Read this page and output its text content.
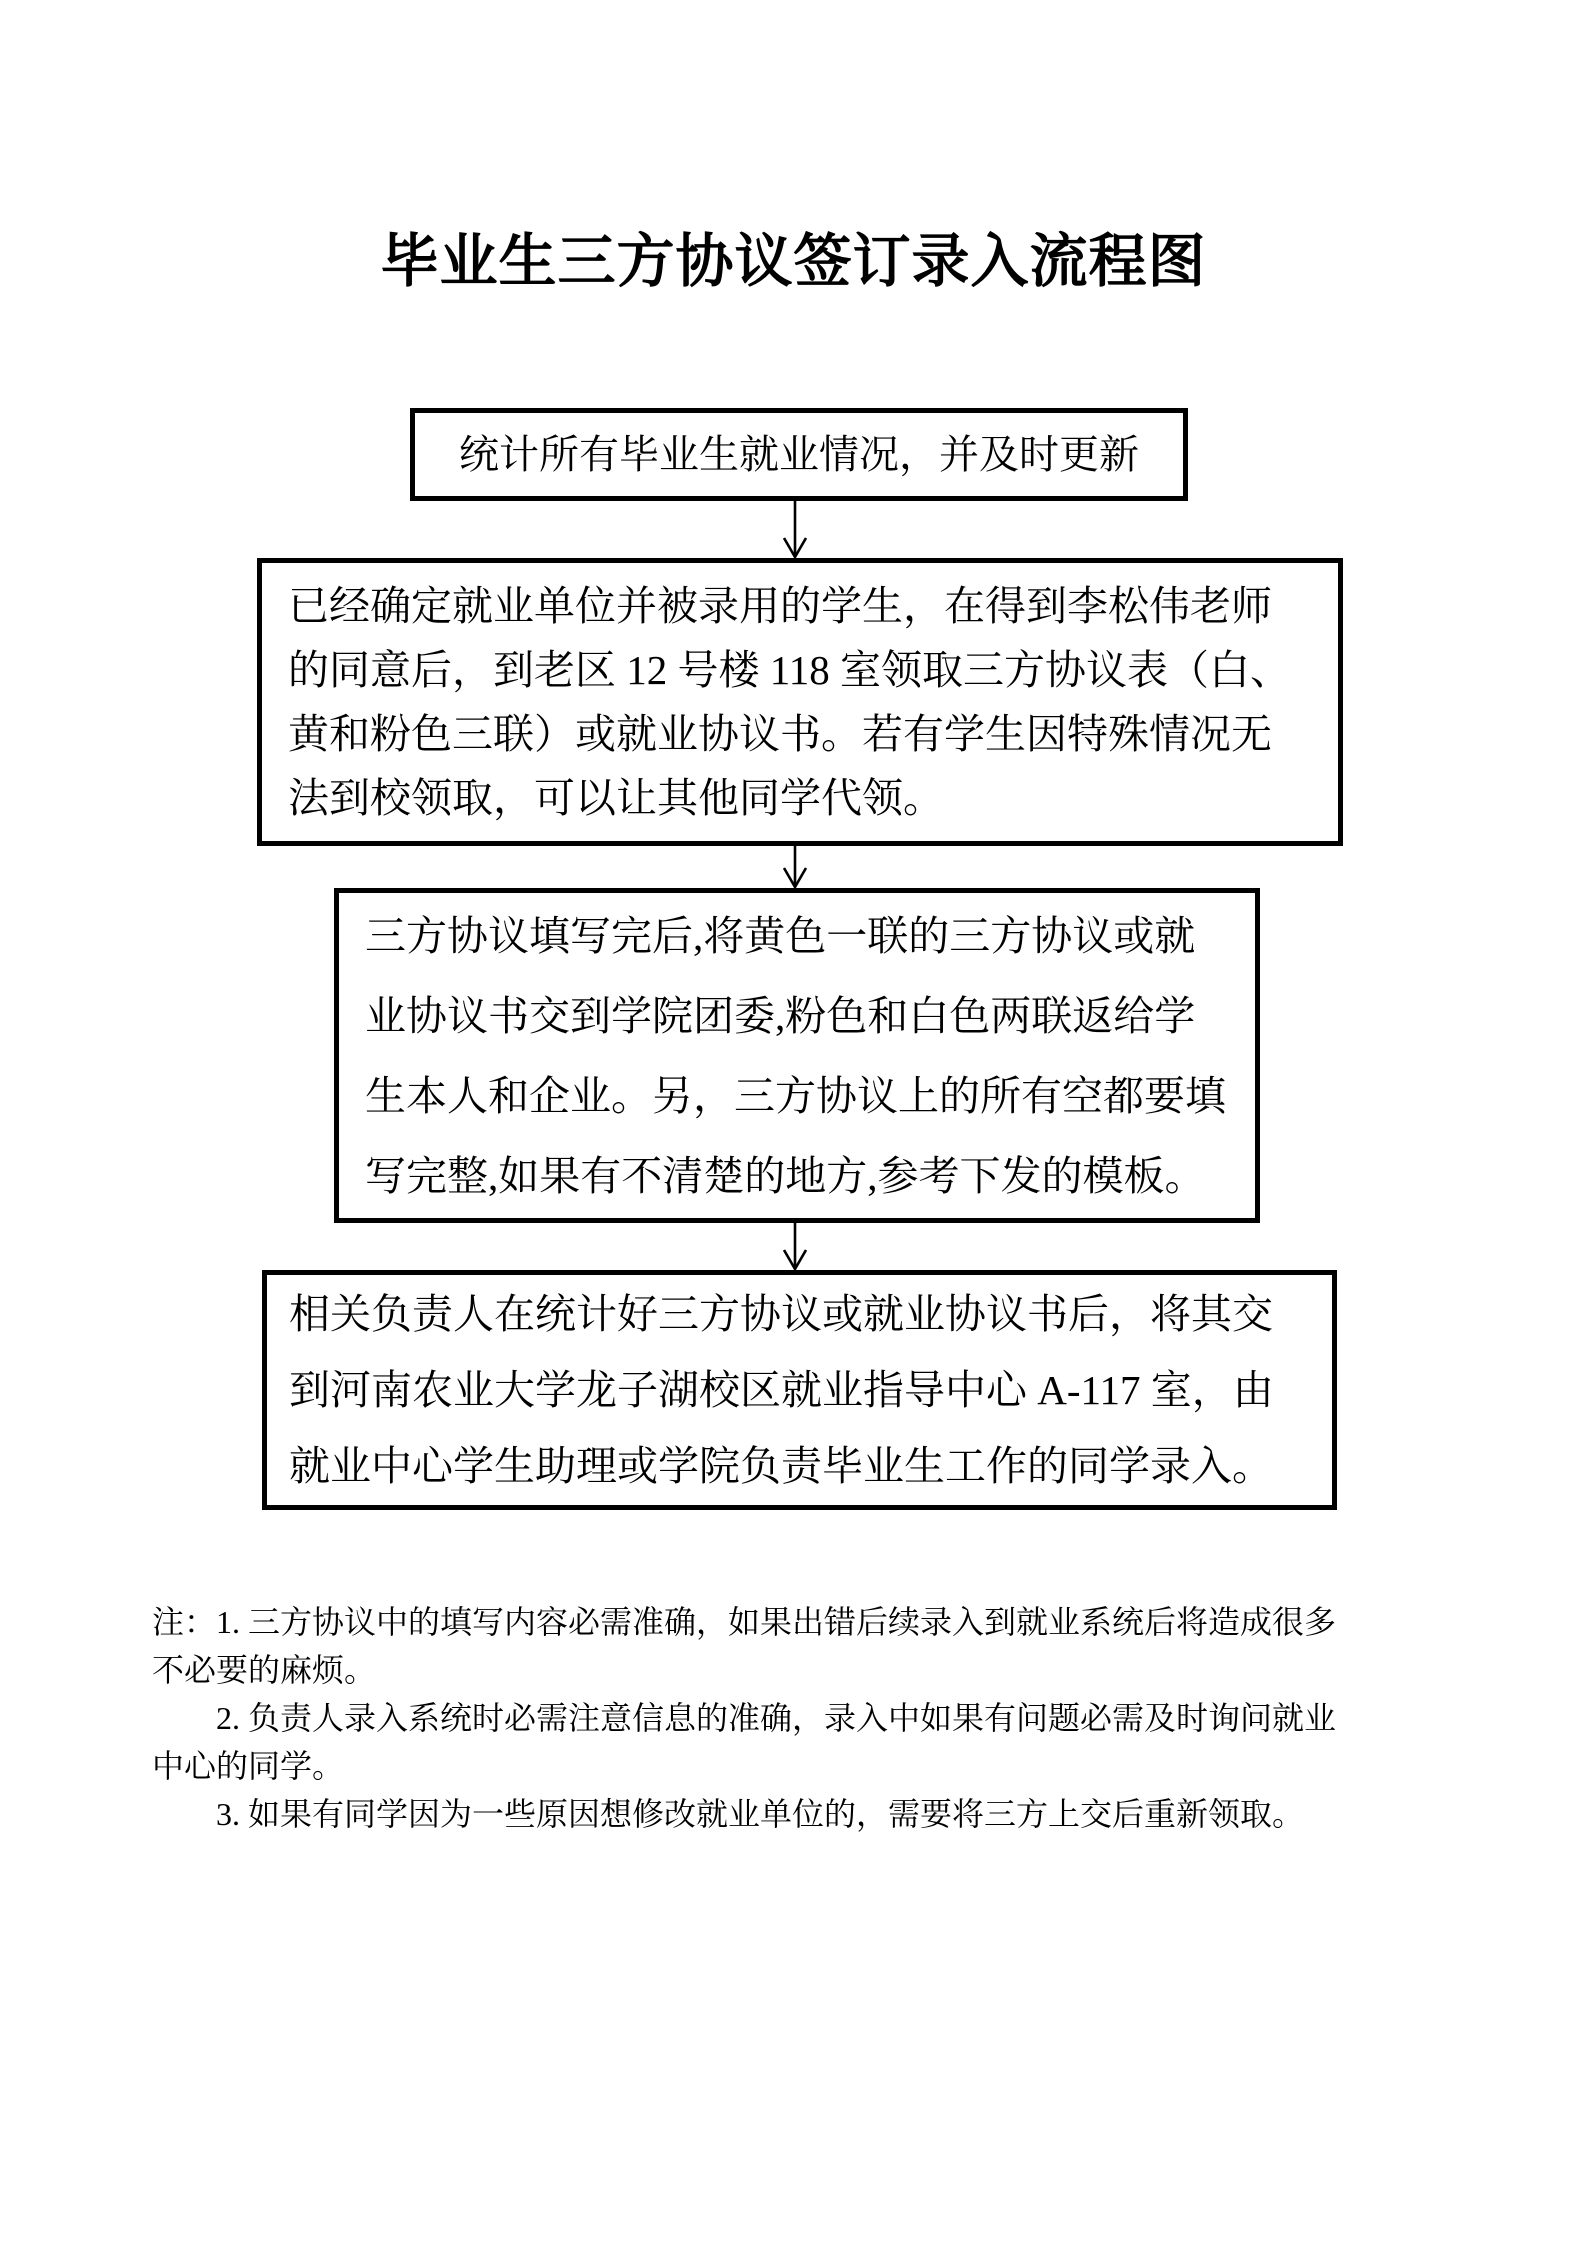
毕业生三方协议签订录入流程图
统计所有毕业生就业情况，并及时更新
已经确定就业单位并被录用的学生，在得到李松伟老师
的同意后，到老区 12 号楼 118 室领取三方协议表（白、
黄和粉色三联）或就业协议书。若有学生因特殊情况无
法到校领取，可以让其他同学代领。
三方协议填写完后,将黄色一联的三方协议或就
业协议书交到学院团委,粉色和白色两联返给学
生本人和企业。另，三方协议上的所有空都要填
写完整,如果有不清楚的地方,参考下发的模板。
相关负责人在统计好三方协议或就业协议书后，将其交
到河南农业大学龙子湖校区就业指导中心 A-117 室，由
就业中心学生助理或学院负责毕业生工作的同学录入。
注：1. 三方协议中的填写内容必需准确，如果出错后续录入到就业系统后将造成很多
不必要的麻烦。
2. 负责人录入系统时必需注意信息的准确，录入中如果有问题必需及时询问就业
中心的同学。
3. 如果有同学因为一些原因想修改就业单位的，需要将三方上交后重新领取。
